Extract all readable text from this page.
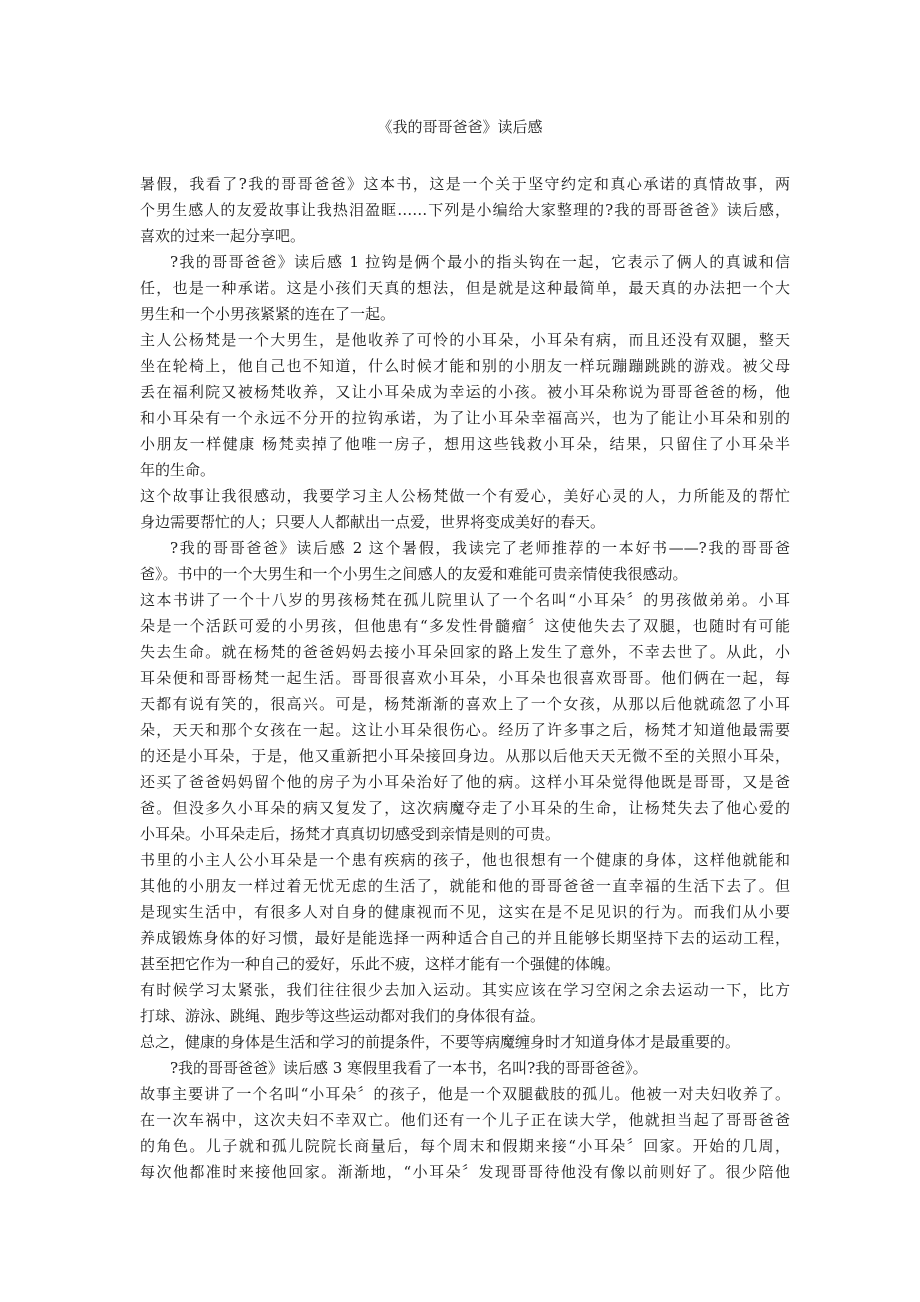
《我的哥哥爸爸》读后感
暑假，我看了?我的哥哥爸爸》这本书，这是一个关于坚守约定和真心承诺的真情故事，两
个男生感人的友爱故事让我热泪盈眶……下列是小编给大家整理的?我的哥哥爸爸》读后感，
喜欢的过来一起分享吧。
?我的哥哥爸爸》读后感 1 拉钩是俩个最小的指头钩在一起，它表示了俩人的真诚和信
任，也是一种承诺。这是小孩们天真的想法，但是就是这种最简单，最天真的办法把一个大
男生和一个小男孩紧紧的连在了一起。
主人公杨梵是一个大男生，是他收养了可怜的小耳朵，小耳朵有病，而且还没有双腿，整天
坐在轮椅上，他自己也不知道，什么时候才能和别的小朋友一样玩蹦蹦跳跳的游戏。被父母
丢在福利院又被杨梵收养，又让小耳朵成为幸运的小孩。被小耳朵称说为哥哥爸爸的杨，他
和小耳朵有一个永远不分开的拉钩承诺，为了让小耳朵幸福高兴，也为了能让小耳朵和别的
小朋友一样健康 杨梵卖掉了他唯一房子，想用这些钱救小耳朵，结果，只留住了小耳朵半
年的生命。
这个故事让我很感动，我要学习主人公杨梵做一个有爱心，美好心灵的人，力所能及的帮忙
身边需要帮忙的人；只要人人都献出一点爱，世界将变成美好的春天。
?我的哥哥爸爸》读后感 2 这个暑假，我读完了老师推荐的一本好书——?我的哥哥爸
爸》。书中的一个大男生和一个小男生之间感人的友爱和难能可贵亲情使我很感动。
这本书讲了一个十八岁的男孩杨梵在孤儿院里认了一个名叫“小耳朵〞的男孩做弟弟。小耳
朵是一个活跃可爱的小男孩，但他患有“多发性骨髓瘤〞这使他失去了双腿，也随时有可能
失去生命。就在杨梵的爸爸妈妈去接小耳朵回家的路上发生了意外，不幸去世了。从此，小
耳朵便和哥哥杨梵一起生活。哥哥很喜欢小耳朵，小耳朵也很喜欢哥哥。他们俩在一起，每
天都有说有笑的，很高兴。可是，杨梵渐渐的喜欢上了一个女孩，从那以后他就疏忽了小耳
朵，天天和那个女孩在一起。这让小耳朵很伤心。经历了许多事之后，杨梵才知道他最需要
的还是小耳朵，于是，他又重新把小耳朵接回身边。从那以后他天天无微不至的关照小耳朵，
还买了爸爸妈妈留个他的房子为小耳朵治好了他的病。这样小耳朵觉得他既是哥哥，又是爸
爸。但没多久小耳朵的病又复发了，这次病魔夺走了小耳朵的生命，让杨梵失去了他心爱的
小耳朵。小耳朵走后，扬梵才真真切切感受到亲情是则的可贵。
书里的小主人公小耳朵是一个患有疾病的孩子，他也很想有一个健康的身体，这样他就能和
其他的小朋友一样过着无忧无虑的生活了，就能和他的哥哥爸爸一直幸福的生活下去了。但
是现实生活中，有很多人对自身的健康视而不见，这实在是不足见识的行为。而我们从小要
养成锻炼身体的好习惯，最好是能选择一两种适合自己的并且能够长期坚持下去的运动工程，
甚至把它作为一种自己的爱好，乐此不疲，这样才能有一个强健的体魄。
有时候学习太紧张，我们往往很少去加入运动。其实应该在学习空闲之余去运动一下，比方
打球、游泳、跳绳、跑步等这些运动都对我们的身体很有益。
总之，健康的身体是生活和学习的前提条件，不要等病魔缠身时才知道身体才是最重要的。
?我的哥哥爸爸》读后感 3 寒假里我看了一本书，名叫?我的哥哥爸爸》。
故事主要讲了一个名叫“小耳朵〞的孩子，他是一个双腿截肢的孤儿。他被一对夫妇收养了。
在一次车祸中，这次夫妇不幸双亡。他们还有一个儿子正在读大学，他就担当起了哥哥爸爸
的角色。儿子就和孤儿院院长商量后，每个周末和假期来接“小耳朵〞回家。开始的几周，
每次他都准时来接他回家。渐渐地，“小耳朵〞发现哥哥待他没有像以前则好了。很少陪他
